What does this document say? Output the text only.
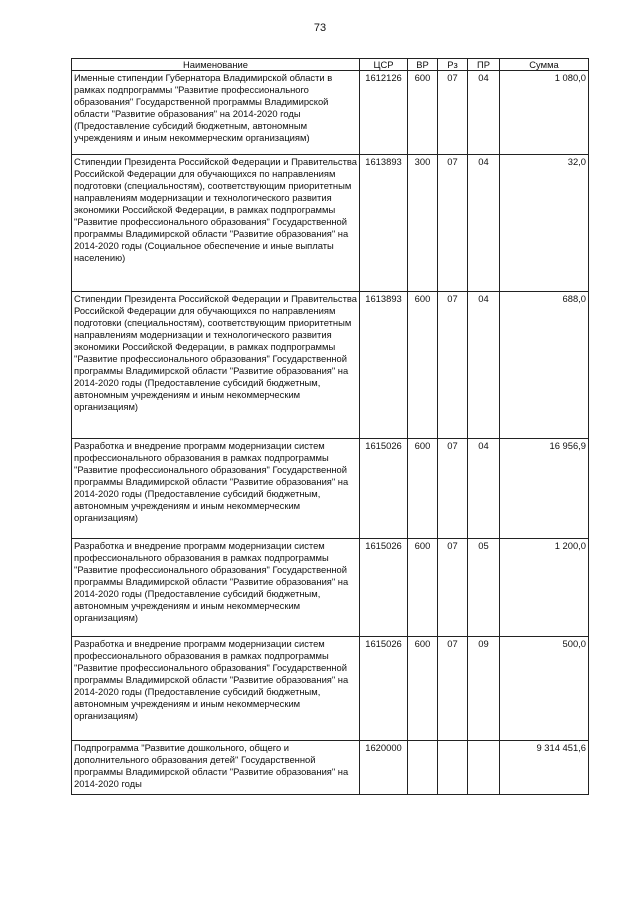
73
Наименование	ЦСР	ВР	Рз	ПР	Сумма
Именные стипендии Губернатора Владимирской области в рамках подпрограммы "Развитие профессионального образования" Государственной программы Владимирской области "Развитие образования" на 2014-2020 годы (Предоставление субсидий бюджетным, автономным учреждениям и иным некоммерческим организациям)	1612126	600	07	04	1 080,0
Стипендии Президента Российской Федерации и Правительства Российской Федерации для обучающихся по направлениям подготовки (специальностям), соответствующим приоритетным направлениям модернизации и технологического развития экономики Российской Федерации, в рамках подпрограммы "Развитие профессионального образования" Государственной программы Владимирской области "Развитие образования" на 2014-2020 годы (Социальное обеспечение и иные выплаты населению)	1613893	300	07	04	32,0
Стипендии Президента Российской Федерации и Правительства Российской Федерации для обучающихся по направлениям подготовки (специальностям), соответствующим приоритетным направлениям модернизации и технологического развития экономики Российской Федерации, в рамках подпрограммы "Развитие профессионального образования" Государственной программы Владимирской области "Развитие образования" на 2014-2020 годы (Предоставление субсидий бюджетным, автономным учреждениям и иным некоммерческим организациям)	1613893	600	07	04	688,0
Разработка и внедрение программ модернизации систем профессионального образования в рамках подпрограммы "Развитие профессионального образования" Государственной программы Владимирской области "Развитие образования" на 2014-2020 годы (Предоставление субсидий бюджетным, автономным учреждениям и иным некоммерческим организациям)	1615026	600	07	04	16 956,9
Разработка и внедрение программ модернизации систем профессионального образования в рамках подпрограммы "Развитие профессионального образования" Государственной программы Владимирской области "Развитие образования" на 2014-2020 годы (Предоставление субсидий бюджетным, автономным учреждениям и иным некоммерческим организациям)	1615026	600	07	05	1 200,0
Разработка и внедрение программ модернизации систем профессионального образования в рамках подпрограммы "Развитие профессионального образования" Государственной программы Владимирской области "Развитие образования" на 2014-2020 годы (Предоставление субсидий бюджетным, автономным учреждениям и иным некоммерческим организациям)	1615026	600	07	09	500,0
Подпрограмма "Развитие дошкольного, общего и дополнительного образования детей" Государственной программы Владимирской области "Развитие образования" на 2014-2020 годы	1620000				9 314 451,6
